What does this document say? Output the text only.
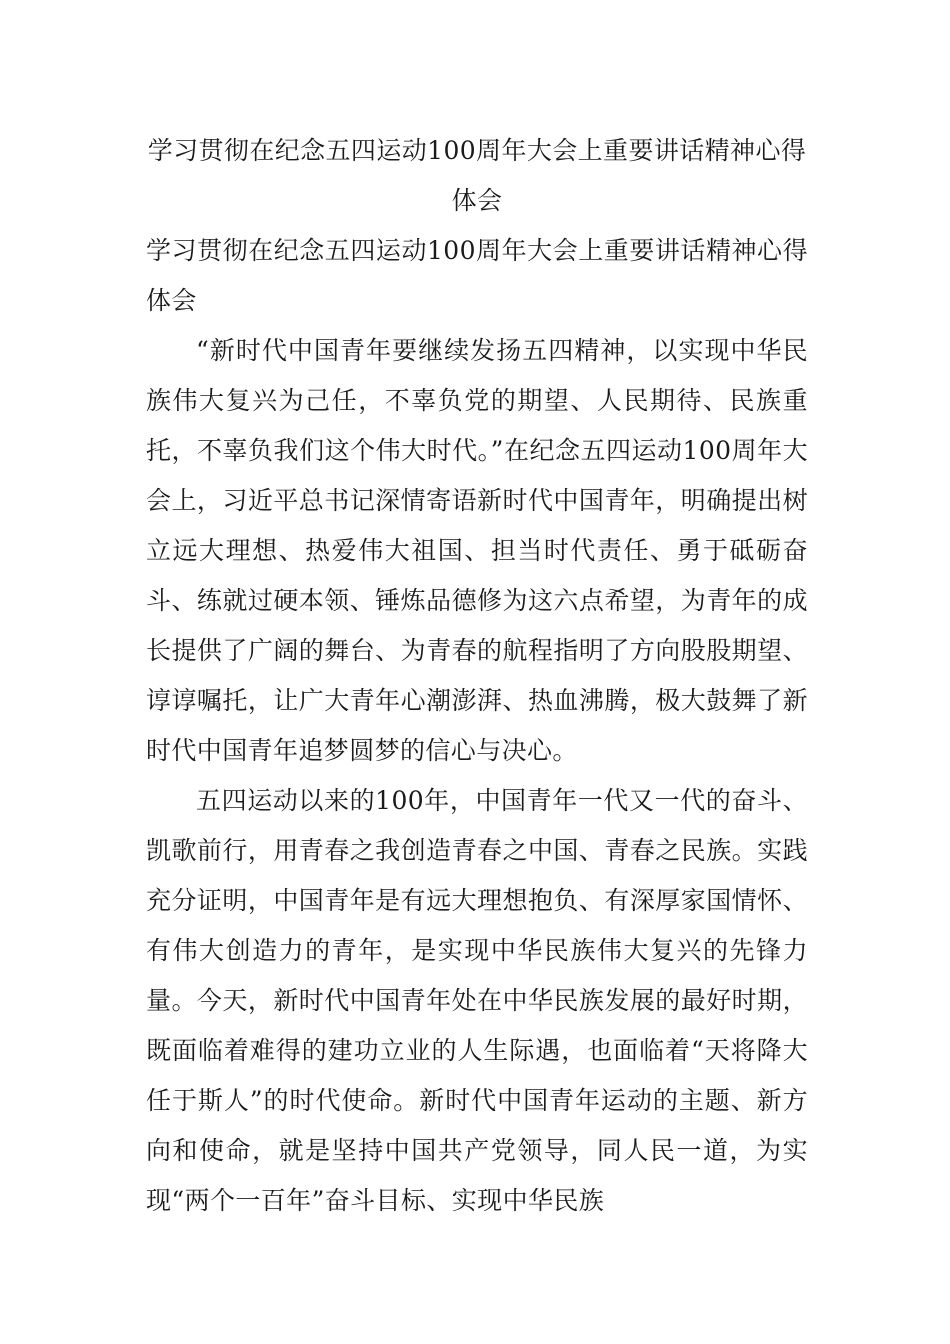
学习贯彻在纪念五四运动100周年大会上重要讲话精神心得体会

学习贯彻在纪念五四运动100周年大会上重要讲话精神心得体会

“新时代中国青年要继续发扬五四精神，以实现中华民族伟大复兴为己任，不辜负党的期望、人民期待、民族重托，不辜负我们这个伟大时代。”在纪念五四运动100周年大会上，习近平总书记深情寄语新时代中国青年，明确提出树立远大理想、热爱伟大祖国、担当时代责任、勇于砥砺奋斗、练就过硬本领、锤炼品德修为这六点希望，为青年的成长提供了广阔的舞台、为青春的航程指明了方向股股期望、谆谆嘱托，让广大青年心潮澎湃、热血沸腾，极大鼓舞了新时代中国青年追梦圆梦的信心与决心。

五四运动以来的100年，中国青年一代又一代的奋斗、凯歌前行，用青春之我创造青春之中国、青春之民族。实践充分证明，中国青年是有远大理想抱负、有深厚家国情怀、有伟大创造力的青年，是实现中华民族伟大复兴的先锋力量。今天，新时代中国青年处在中华民族发展的最好时期，既面临着难得的建功立业的人生际遇，也面临着“天将降大任于斯人”的时代使命。新时代中国青年运动的主题、新方向和使命，就是坚持中国共产党领导，同人民一道，为实现“两个一百年”奋斗目标、实现中华民族
